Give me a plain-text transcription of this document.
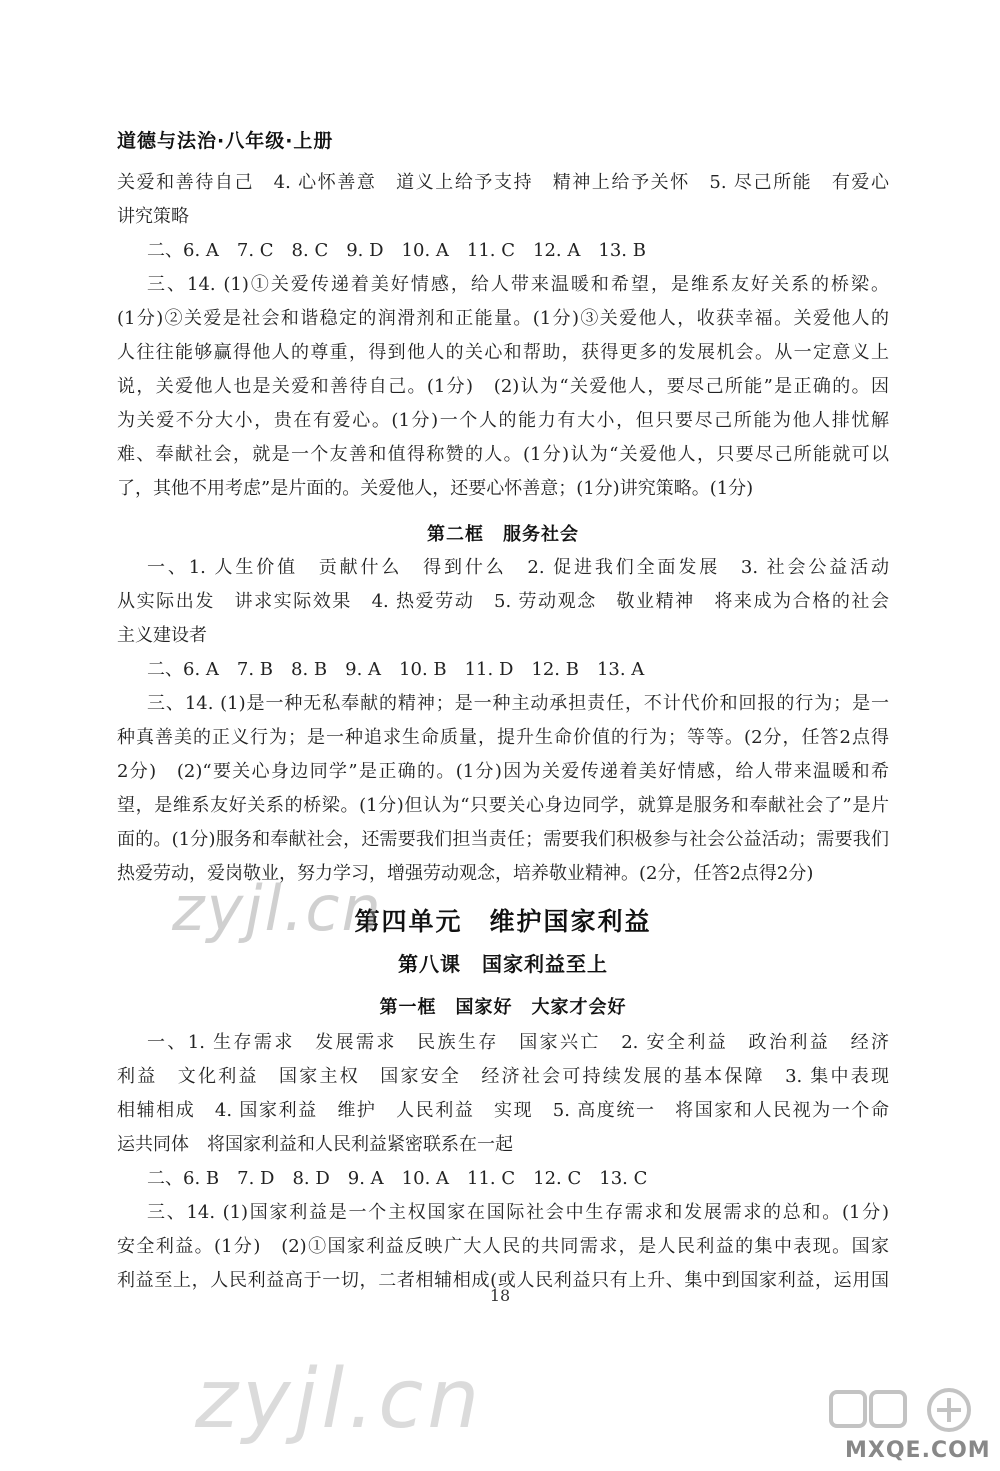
道德与法治·八年级·上册
关爱和善待自己　4. 心怀善意　道义上给予支持　精神上给予关怀　5. 尽己所能　有爱心
讲究策略
二、6. A　7. C　8. C　9. D　10. A　11. C　12. A　13. B
三、14. (1)①关爱传递着美好情感，给人带来温暖和希望，是维系友好关系的桥梁。
(1分)②关爱是社会和谐稳定的润滑剂和正能量。(1分)③关爱他人，收获幸福。关爱他人的
人往往能够赢得他人的尊重，得到他人的关心和帮助，获得更多的发展机会。从一定意义上
说，关爱他人也是关爱和善待自己。(1分)　(2)认为“关爱他人，要尽己所能”是正确的。因
为关爱不分大小，贵在有爱心。(1分)一个人的能力有大小，但只要尽己所能为他人排忧解
难、奉献社会，就是一个友善和值得称赞的人。(1分)认为“关爱他人，只要尽己所能就可以
了，其他不用考虑”是片面的。关爱他人，还要心怀善意；(1分)讲究策略。(1分)
第二框　服务社会
一、1. 人生价值　贡献什么　得到什么　2. 促进我们全面发展　3. 社会公益活动
从实际出发　讲求实际效果　4. 热爱劳动　5. 劳动观念　敬业精神　将来成为合格的社会
主义建设者
二、6. A　7. B　8. B　9. A　10. B　11. D　12. B　13. A
三、14. (1)是一种无私奉献的精神；是一种主动承担责任，不计代价和回报的行为；是一
种真善美的正义行为；是一种追求生命质量，提升生命价值的行为；等等。(2分，任答2点得
2分)　(2)“要关心身边同学”是正确的。(1分)因为关爱传递着美好情感，给人带来温暖和希
望，是维系友好关系的桥梁。(1分)但认为“只要关心身边同学，就算是服务和奉献社会了”是片
面的。(1分)服务和奉献社会，还需要我们担当责任；需要我们积极参与社会公益活动；需要我们
热爱劳动，爱岗敬业，努力学习，增强劳动观念，培养敬业精神。(2分，任答2点得2分)
第四单元　维护国家利益
第八课　国家利益至上
第一框　国家好　大家才会好
一、1. 生存需求　发展需求　民族生存　国家兴亡　2. 安全利益　政治利益　经济
利益　文化利益　国家主权　国家安全　经济社会可持续发展的基本保障　3. 集中表现
相辅相成　4. 国家利益　维护　人民利益　实现　5. 高度统一　将国家和人民视为一个命
运共同体　将国家利益和人民利益紧密联系在一起
二、6. B　7. D　8. D　9. A　10. A　11. C　12. C　13. C
三、14. (1)国家利益是一个主权国家在国际社会中生存需求和发展需求的总和。(1分)
安全利益。(1分)　(2)①国家利益反映广大人民的共同需求，是人民利益的集中表现。国家
利益至上，人民利益高于一切，二者相辅相成(或人民利益只有上升、集中到国家利益，运用国
18
zyjl.cn
zyjl.cn
MXQE.COM
